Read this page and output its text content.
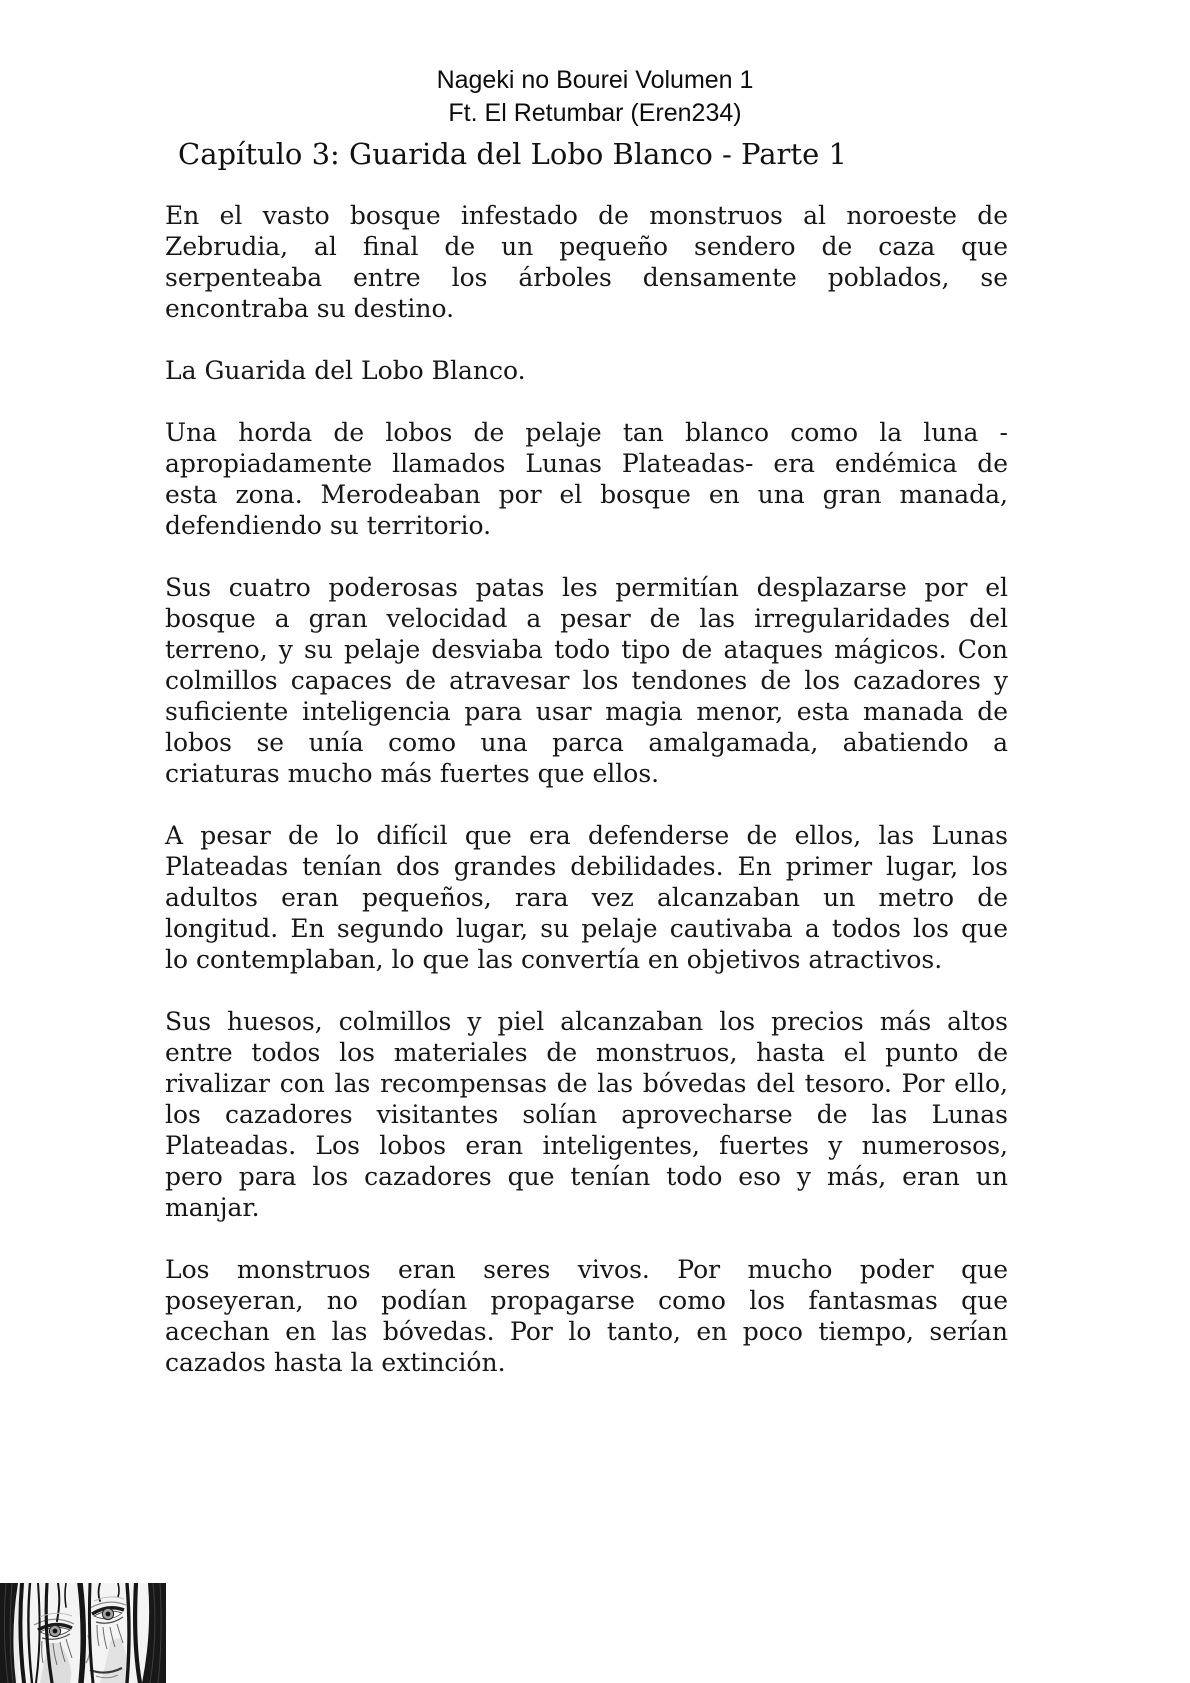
Nageki no Bourei Volumen 1
Ft. El Retumbar (Eren234)
Capítulo 3: Guarida del Lobo Blanco - Parte 1
En el vasto bosque infestado de monstruos al noroeste de
Zebrudia, al final de un pequeño sendero de caza que
serpenteaba entre los árboles densamente poblados, se
encontraba su destino.
La Guarida del Lobo Blanco.
Una horda de lobos de pelaje tan blanco como la luna -
apropiadamente llamados Lunas Plateadas- era endémica de
esta zona. Merodeaban por el bosque en una gran manada,
defendiendo su territorio.
Sus cuatro poderosas patas les permitían desplazarse por el
bosque a gran velocidad a pesar de las irregularidades del
terreno, y su pelaje desviaba todo tipo de ataques mágicos. Con
colmillos capaces de atravesar los tendones de los cazadores y
suficiente inteligencia para usar magia menor, esta manada de
lobos se unía como una parca amalgamada, abatiendo a
criaturas mucho más fuertes que ellos.
A pesar de lo difícil que era defenderse de ellos, las Lunas
Plateadas tenían dos grandes debilidades. En primer lugar, los
adultos eran pequeños, rara vez alcanzaban un metro de
longitud. En segundo lugar, su pelaje cautivaba a todos los que
lo contemplaban, lo que las convertía en objetivos atractivos.
Sus huesos, colmillos y piel alcanzaban los precios más altos
entre todos los materiales de monstruos, hasta el punto de
rivalizar con las recompensas de las bóvedas del tesoro. Por ello,
los cazadores visitantes solían aprovecharse de las Lunas
Plateadas. Los lobos eran inteligentes, fuertes y numerosos,
pero para los cazadores que tenían todo eso y más, eran un
manjar.
Los monstruos eran seres vivos. Por mucho poder que
poseyeran, no podían propagarse como los fantasmas que
acechan en las bóvedas. Por lo tanto, en poco tiempo, serían
cazados hasta la extinción.
